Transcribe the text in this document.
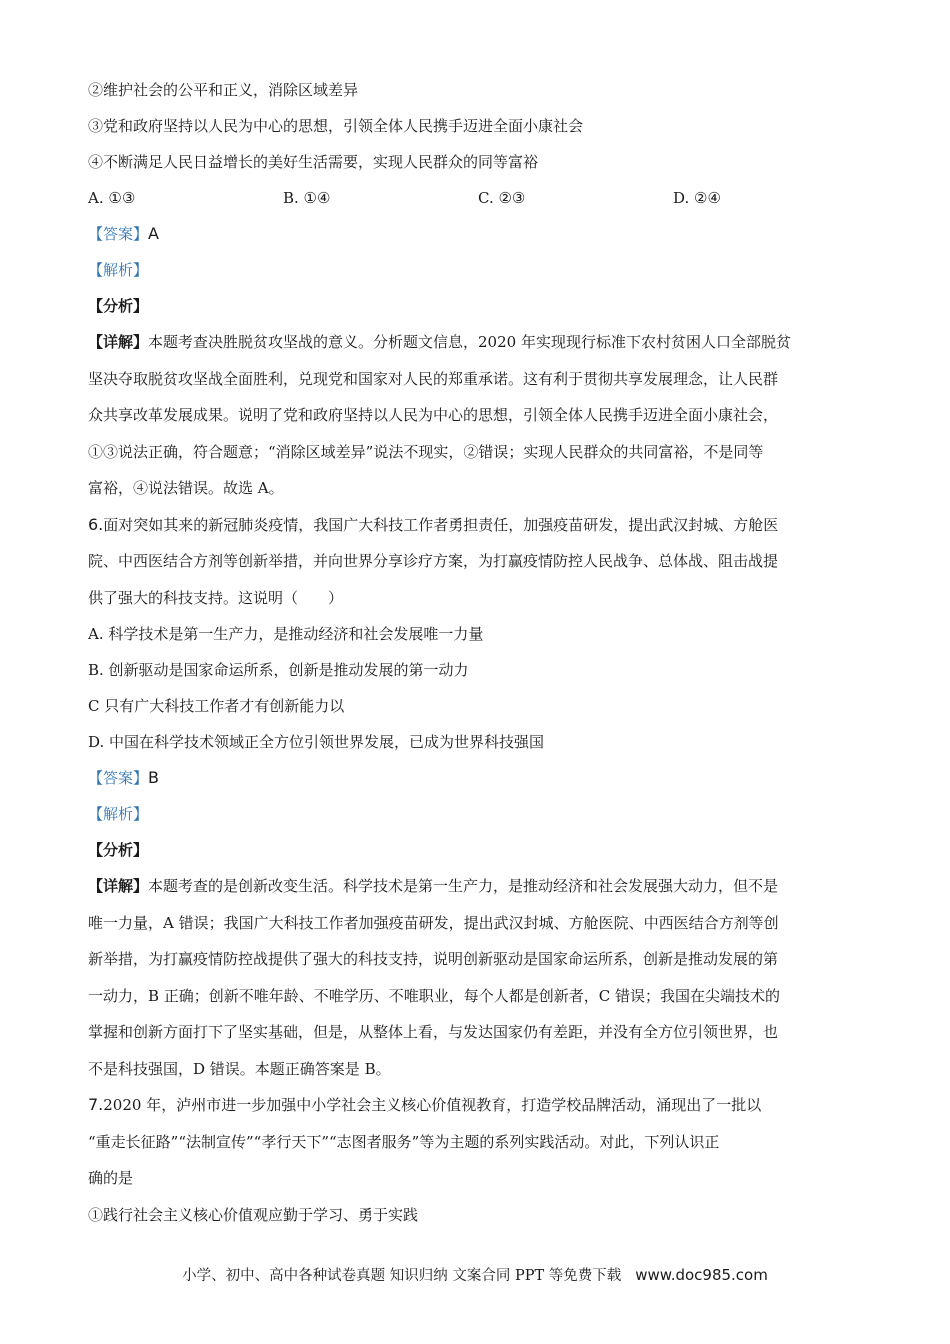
②维护社会的公平和正义，消除区域差异
③党和政府坚持以人民为中心的思想，引领全体人民携手迈进全面小康社会
④不断满足人民日益增长的美好生活需要，实现人民群众的同等富裕
A. ①③	B. ①④	C. ②③	D. ②④
【答案】A
【解析】
【分析】
【详解】本题考查决胜脱贫攻坚战的意义。分析题文信息，2020 年实现现行标准下农村贫困人口全部脱贫
坚决夺取脱贫攻坚战全面胜利，兑现党和国家对人民的郑重承诺。这有利于贯彻共享发展理念，让人民群
众共享改革发展成果。说明了党和政府坚持以人民为中心的思想，引领全体人民携手迈进全面小康社会，
①③说法正确，符合题意；“消除区域差异”说法不现实，②错误；实现人民群众的共同富裕，不是同等
富裕，④说法错误。故选 A。
6.面对突如其来的新冠肺炎疫情，我国广大科技工作者勇担责任，加强疫苗研发，提出武汉封城、方舱医
院、中西医结合方剂等创新举措，并向世界分享诊疗方案，为打赢疫情防控人民战争、总体战、阻击战提
供了强大的科技支持。这说明（　　）
A. 科学技术是第一生产力，是推动经济和社会发展唯一力量
B. 创新驱动是国家命运所系，创新是推动发展的第一动力
C 只有广大科技工作者才有创新能力以
D. 中国在科学技术领域正全方位引领世界发展，已成为世界科技强国
【答案】B
【解析】
【分析】
【详解】本题考查的是创新改变生活。科学技术是第一生产力，是推动经济和社会发展强大动力，但不是
唯一力量，A 错误；我国广大科技工作者加强疫苗研发，提出武汉封城、方舱医院、中西医结合方剂等创
新举措，为打赢疫情防控战提供了强大的科技支持，说明创新驱动是国家命运所系，创新是推动发展的第
一动力，B 正确；创新不唯年龄、不唯学历、不唯职业，每个人都是创新者，C 错误；我国在尖端技术的
掌握和创新方面打下了坚实基础，但是，从整体上看，与发达国家仍有差距，并没有全方位引领世界，也
不是科技强国，D 错误。本题正确答案是 B。
7.2020 年，泸州市进一步加强中小学社会主义核心价值视教育，打造学校品牌活动，涌现出了一批以
“重走长征路”“法制宣传”“孝行天下”“志图者服务”等为主题的系列实践活动。对此，下列认识正
确的是
①践行社会主义核心价值观应勤于学习、勇于实践
小学、初中、高中各种试卷真题 知识归纳 文案合同 PPT 等免费下载 www.doc985.com
